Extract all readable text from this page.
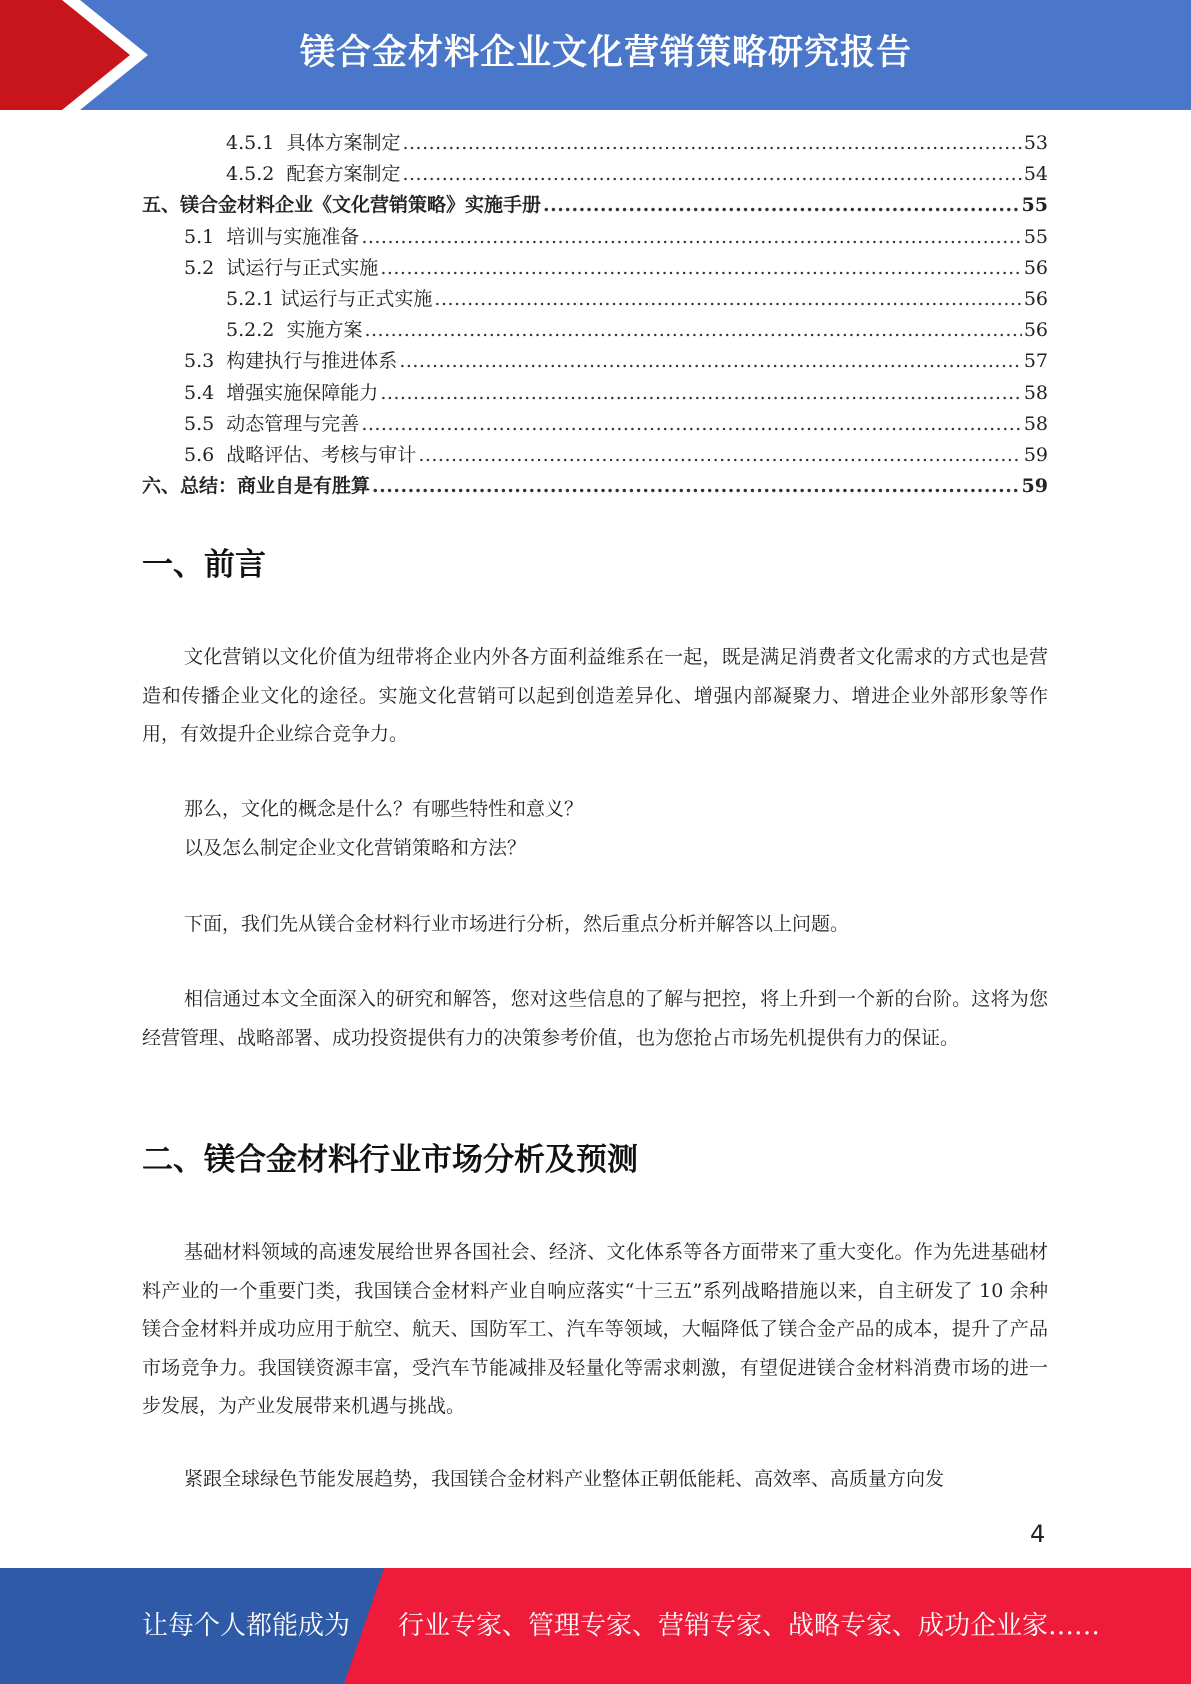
镁合金材料企业文化营销策略研究报告
4.5.1 具体方案制定 .....	53
4.5.2 配套方案制定 .....	54
五、镁合金材料企业《文化营销策略》实施手册 .....	55
5.1 培训与实施准备 .....	55
5.2 试运行与正式实施 .....	56
5.2.1 试运行与正式实施 .....	56
5.2.2 实施方案 .....	56
5.3 构建执行与推进体系 .....	57
5.4 增强实施保障能力 .....	58
5.5 动态管理与完善 .....	58
5.6 战略评估、考核与审计 .....	59
六、总结：商业自是有胜算 .....	59
一、前言

文化营销以文化价值为纽带将企业内外各方面利益维系在一起，既是满足消费者文化需求的方式也是营造和传播企业文化的途径。实施文化营销可以起到创造差异化、增强内部凝聚力、增进企业外部形象等作用，有效提升企业综合竞争力。

那么，文化的概念是什么？有哪些特性和意义？

以及怎么制定企业文化营销策略和方法？

下面，我们先从镁合金材料行业市场进行分析，然后重点分析并解答以上问题。

相信通过本文全面深入的研究和解答，您对这些信息的了解与把控，将上升到一个新的台阶。这将为您经营管理、战略部署、成功投资提供有力的决策参考价值，也为您抢占市场先机提供有力的保证。

二、镁合金材料行业市场分析及预测

基础材料领域的高速发展给世界各国社会、经济、文化体系等各方面带来了重大变化。作为先进基础材料产业的一个重要门类，我国镁合金材料产业自响应落实“十三五”系列战略措施以来，自主研发了 10 余种镁合金材料并成功应用于航空、航天、国防军工、汽车等领域，大幅降低了镁合金产品的成本，提升了产品市场竞争力。我国镁资源丰富，受汽车节能减排及轻量化等需求刺激，有望促进镁合金材料消费市场的进一步发展，为产业发展带来机遇与挑战。

紧跟全球绿色节能发展趋势，我国镁合金材料产业整体正朝低能耗、高效率、高质量方向发

4
让每个人都能成为 行业专家、管理专家、营销专家、战略专家、成功企业家……
